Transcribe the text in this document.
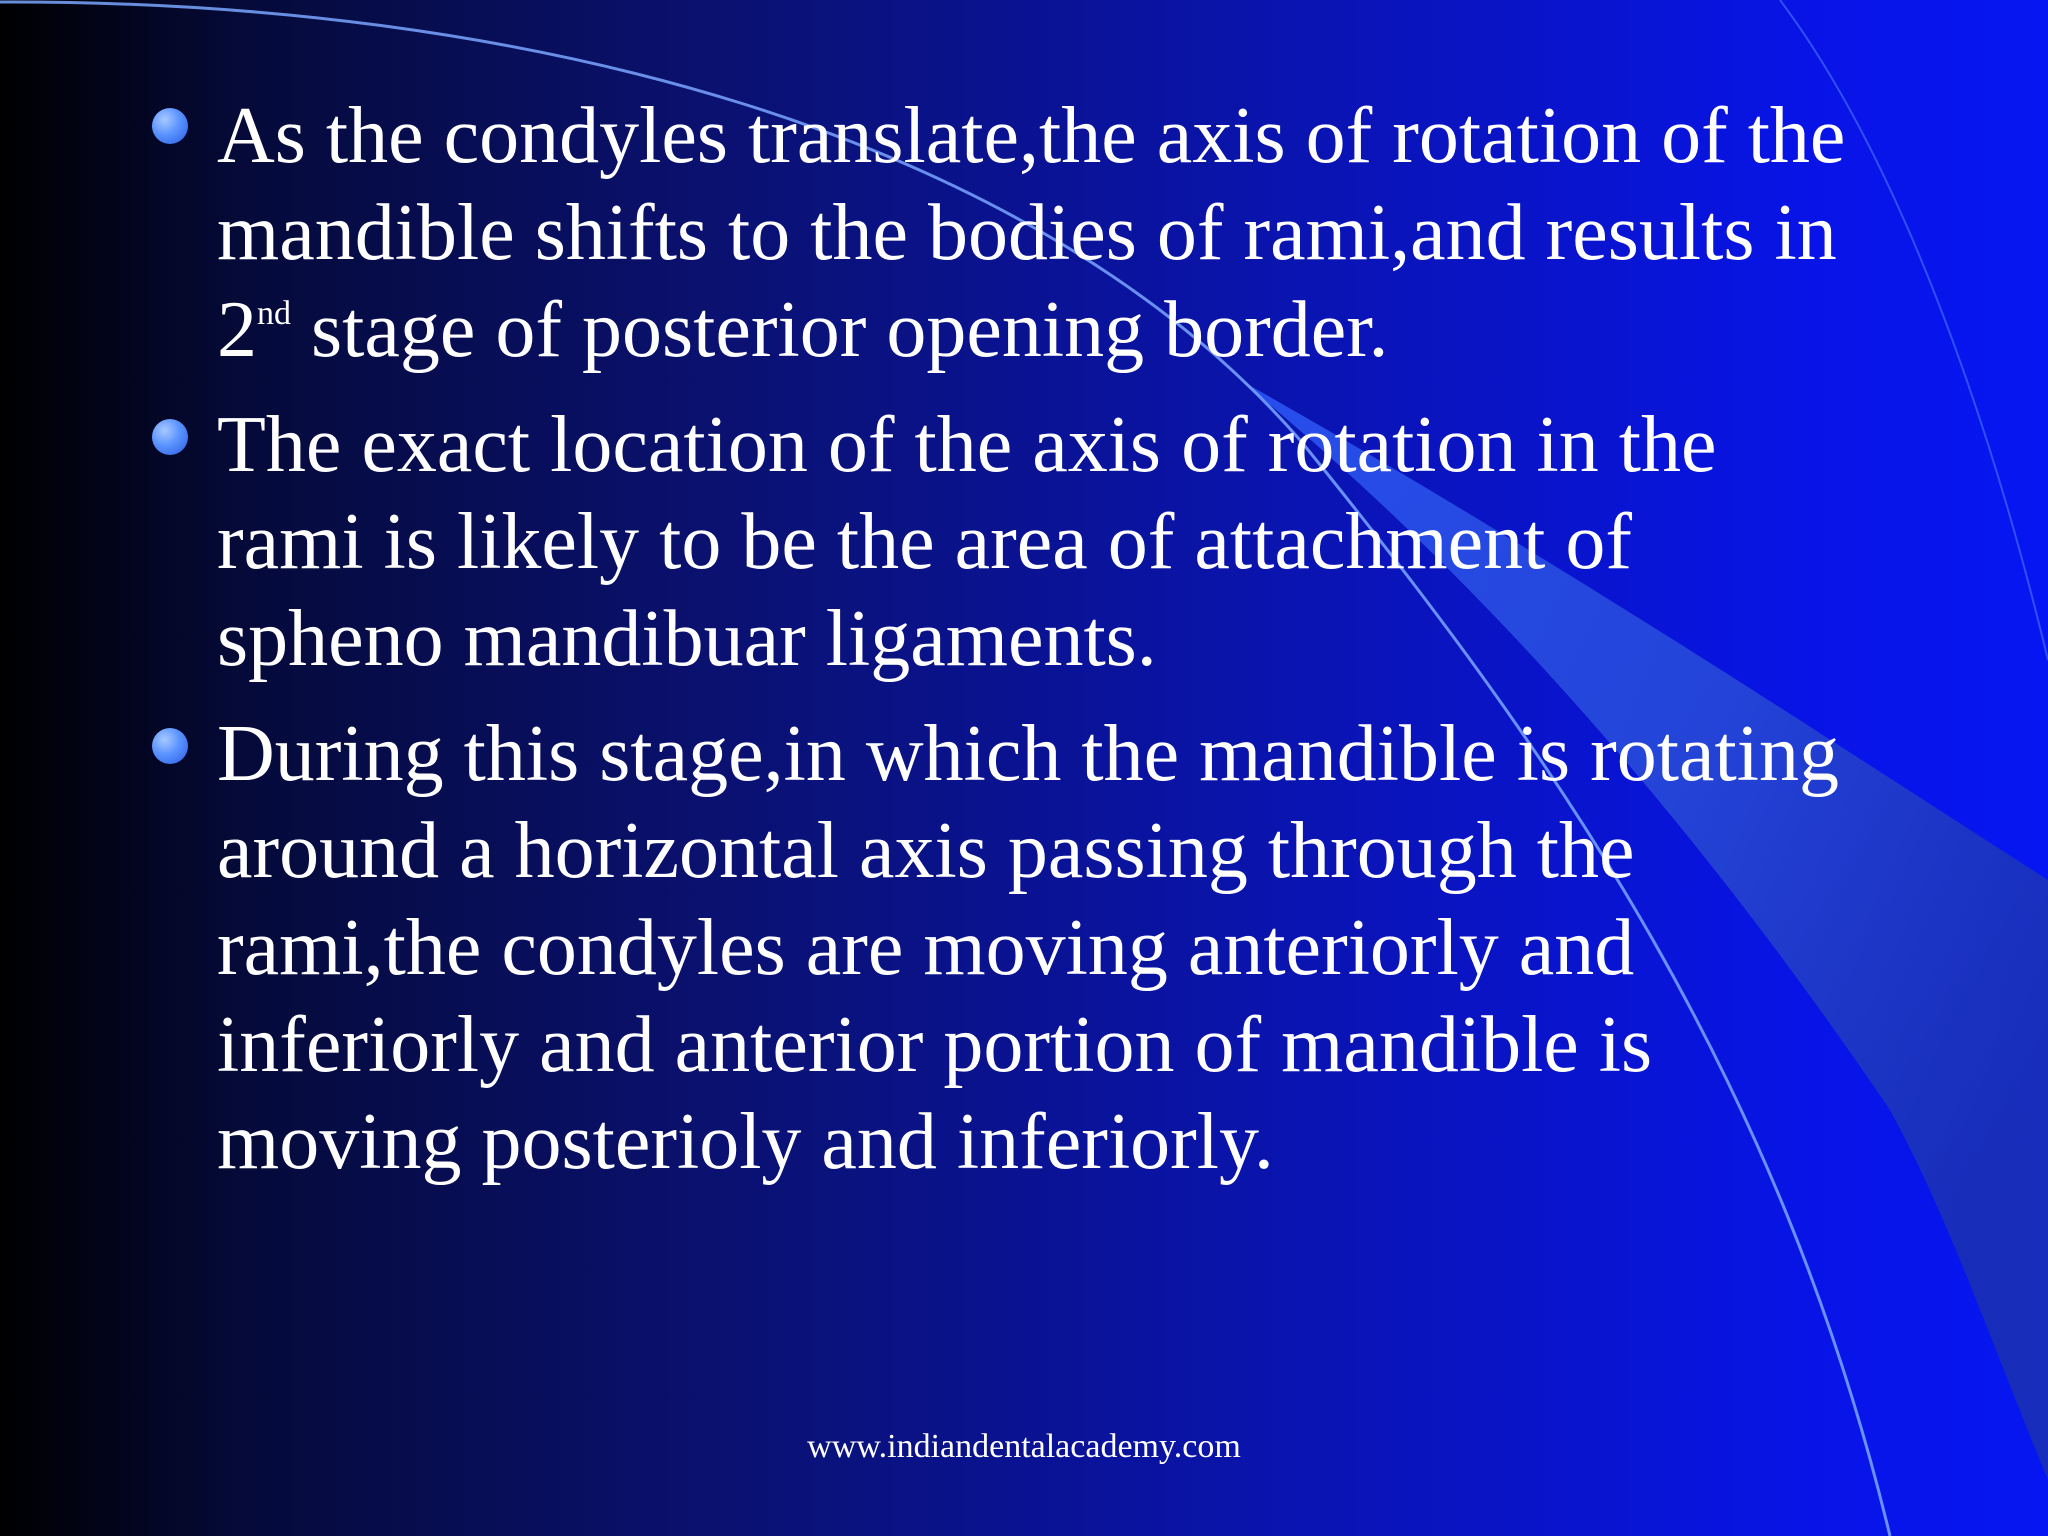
As the condyles translate,the axis of rotation of the mandible shifts to the bodies of rami,and results in 2nd stage of posterior opening border.
The exact location of the axis of rotation in the rami is likely to be the area of attachment of spheno mandibuar ligaments.
During this stage,in which the mandible is rotating around a horizontal axis passing through the rami,the condyles are moving anteriorly and inferiorly and anterior portion of mandible is moving posterioly and inferiorly.
www.indiandentalacademy.com
